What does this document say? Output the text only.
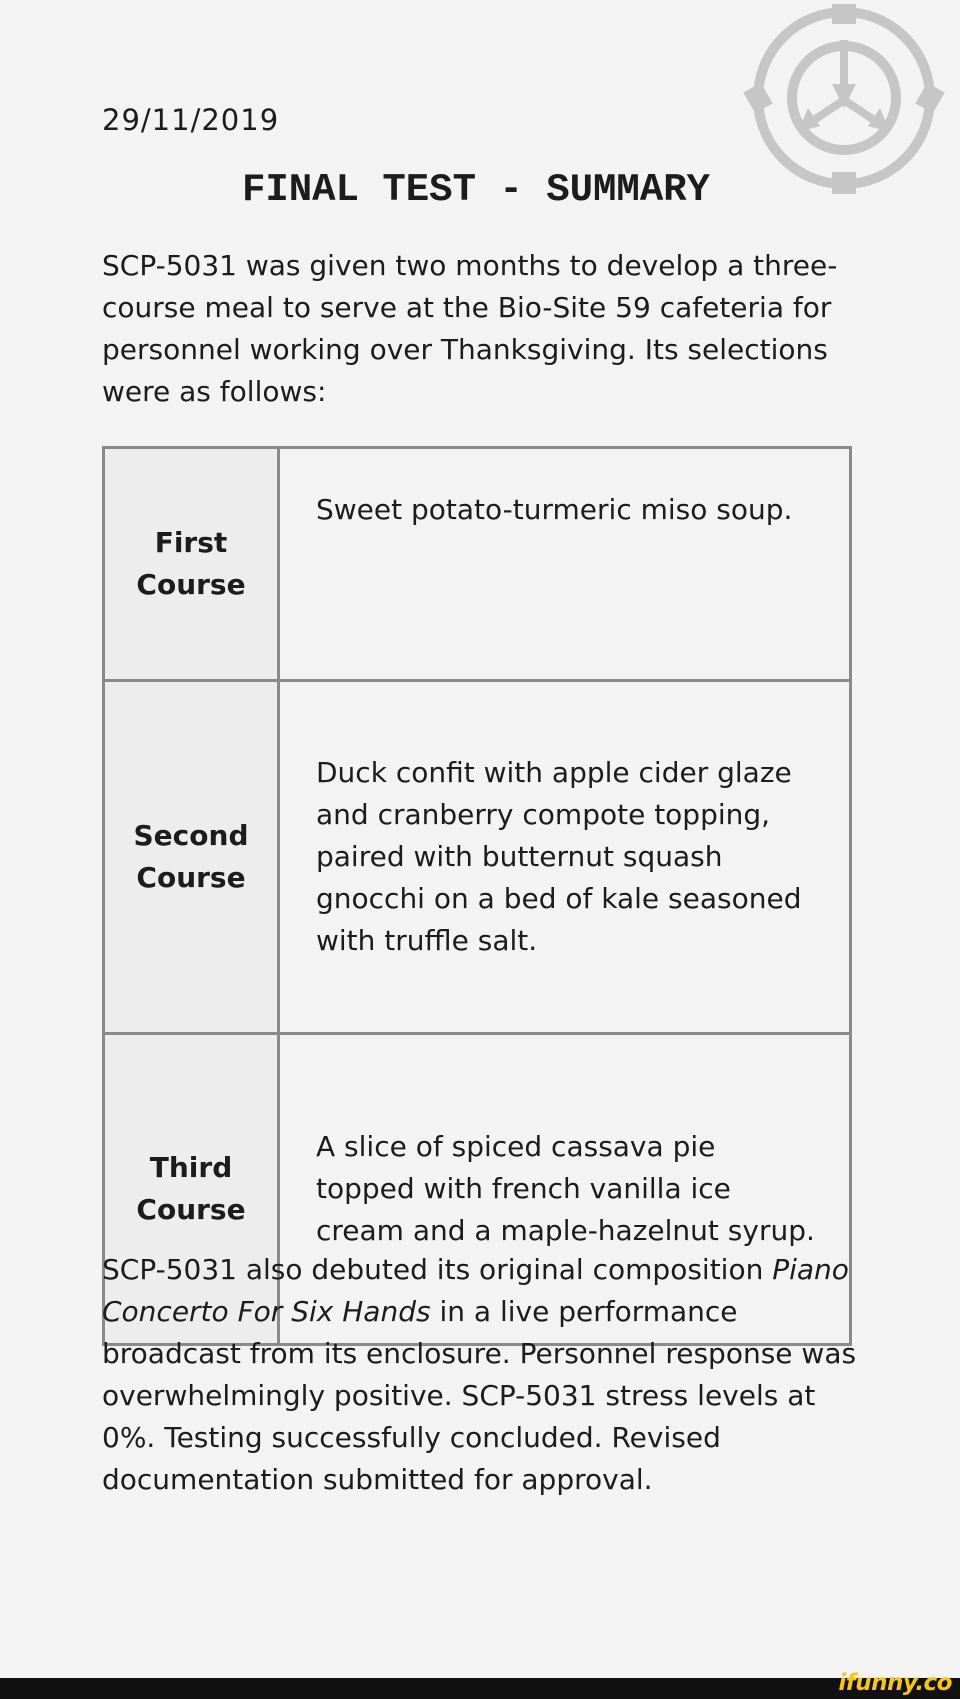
29/11/2019
FINAL TEST - SUMMARY

SCP-5031 was given two months to develop a three-course meal to serve at the Bio-Site 59 cafeteria for personnel working over Thanksgiving. Its selections were as follows:

First Course	Sweet potato-turmeric miso soup.
Second Course	Duck confit with apple cider glaze and cranberry compote topping, paired with butternut squash gnocchi on a bed of kale seasoned with truffle salt.
Third Course	A slice of spiced cassava pie topped with french vanilla ice cream and a maple-hazelnut syrup.

SCP-5031 also debuted its original composition Piano Concerto For Six Hands in a live performance broadcast from its enclosure. Personnel response was overwhelmingly positive. SCP-5031 stress levels at 0%. Testing successfully concluded. Revised documentation submitted for approval.

ifunny.co
